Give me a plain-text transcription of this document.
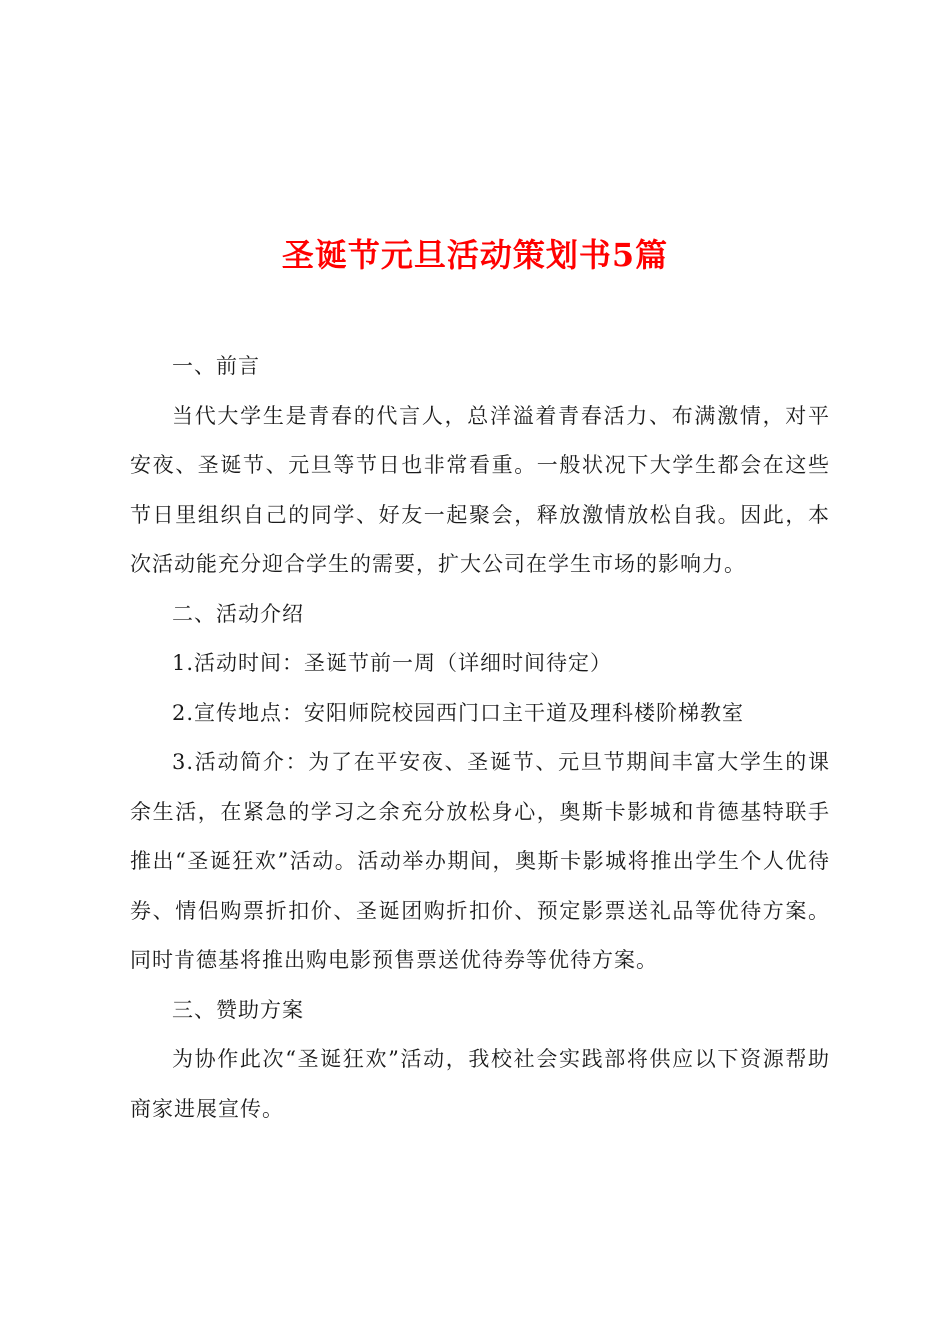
圣诞节元旦活动策划书5篇

一、前言

当代大学生是青春的代言人，总洋溢着青春活力、布满激情，对平安夜、圣诞节、元旦等节日也非常看重。一般状况下大学生都会在这些节日里组织自己的同学、好友一起聚会，释放激情放松自我。因此，本次活动能充分迎合学生的需要，扩大公司在学生市场的影响力。

二、活动介绍

1.活动时间：圣诞节前一周（详细时间待定）

2.宣传地点：安阳师院校园西门口主干道及理科楼阶梯教室

3.活动简介：为了在平安夜、圣诞节、元旦节期间丰富大学生的课余生活，在紧急的学习之余充分放松身心，奥斯卡影城和肯德基特联手推出“圣诞狂欢”活动。活动举办期间，奥斯卡影城将推出学生个人优待券、情侣购票折扣价、圣诞团购折扣价、预定影票送礼品等优待方案。同时肯德基将推出购电影预售票送优待券等优待方案。

三、赞助方案

为协作此次“圣诞狂欢”活动，我校社会实践部将供应以下资源帮助商家进展宣传。
